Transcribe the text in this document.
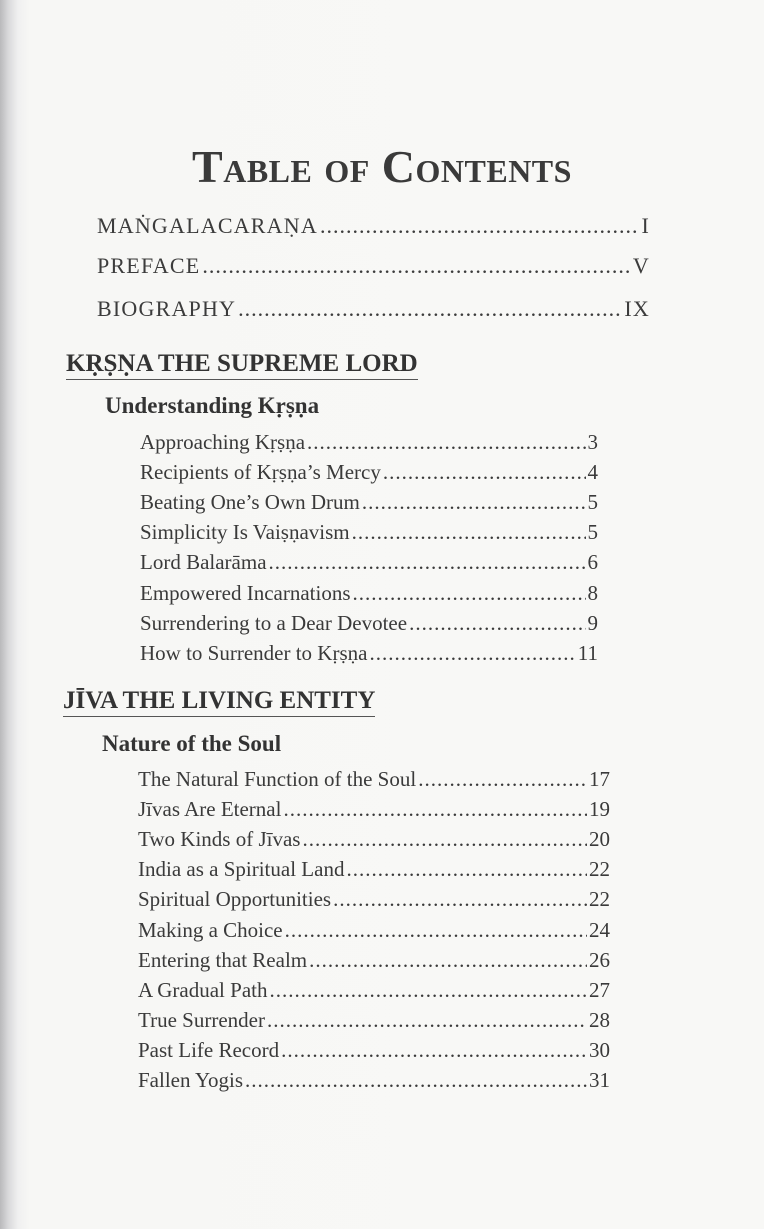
Table of Contents
MAṄGALACARAṆA .....	I
PREFACE .....	V
BIOGRAPHY .....	IX
KṚṢṆA THE SUPREME LORD
Understanding Kṛṣṇa
Approaching Kṛṣṇa .....	3
Recipients of Kṛṣṇa’s Mercy .....	4
Beating One’s Own Drum .....	5
Simplicity Is Vaiṣṇavism .....	5
Lord Balarāma .....	6
Empowered Incarnations .....	8
Surrendering to a Dear Devotee .....	9
How to Surrender to Kṛṣṇa .....	11
JĪVA THE LIVING ENTITY
Nature of the Soul
The Natural Function of the Soul .....	17
Jīvas Are Eternal .....	19
Two Kinds of Jīvas .....	20
India as a Spiritual Land .....	22
Spiritual Opportunities .....	22
Making a Choice .....	24
Entering that Realm .....	26
A Gradual Path .....	27
True Surrender .....	28
Past Life Record .....	30
Fallen Yogis .....	31
